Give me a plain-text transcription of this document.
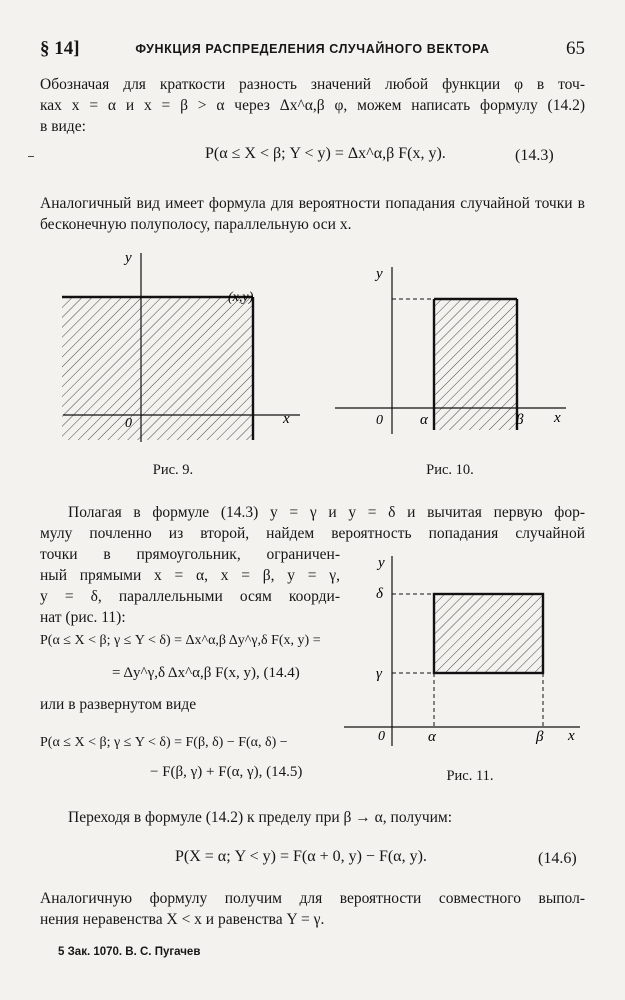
§ 14]	ФУНКЦИЯ РАСПРЕДЕЛЕНИЯ СЛУЧАЙНОГО ВЕКТОРА	65
Обозначая для краткости разность значений любой функции φ в точ-
ках x = α и x = β > α через Δx^α,β φ, можем написать формулу (14.2)
в виде:
P(α ≤ X < β; Y < y) = Δx^α,β F(x, y).	(14.3)
Аналогичный вид имеет формула для вероятности попадания случайной точки в бесконечную полуполосу, параллельную оси x.
y
x
0
(x,y)
Рис. 9.
y
x
0 α	β
Рис. 10.
Полагая в формуле (14.3) y = γ и y = δ и вычитая первую фор-
мулу почленно из второй, найдем вероятность попадания случайной
точки в прямоугольник, ограничен-
ный прямыми x = α, x = β, y = γ,
y = δ, параллельными осям коорди-
нат (рис. 11):
P(α ≤ X < β; γ ≤ Y < δ) = Δx^α,β Δy^γ,δ F(x, y) =
= Δy^γ,δ Δx^α,β F(x, y), (14.4)
или в развернутом виде
P(α ≤ X < β; γ ≤ Y < δ) = F(β, δ) − F(α, δ) −
− F(β, γ) + F(α, γ), (14.5)
y
x
0	α	β
δ
γ
Рис. 11.
Переходя в формуле (14.2) к пределу при β → α, получим:
P(X = α; Y < y) = F(α + 0, y) − F(α, y).	(14.6)
Аналогичную формулу получим для вероятности совместного выпол-
нения неравенства X < x и равенства Y = γ.
5 Зак. 1070. В. С. Пугачев
